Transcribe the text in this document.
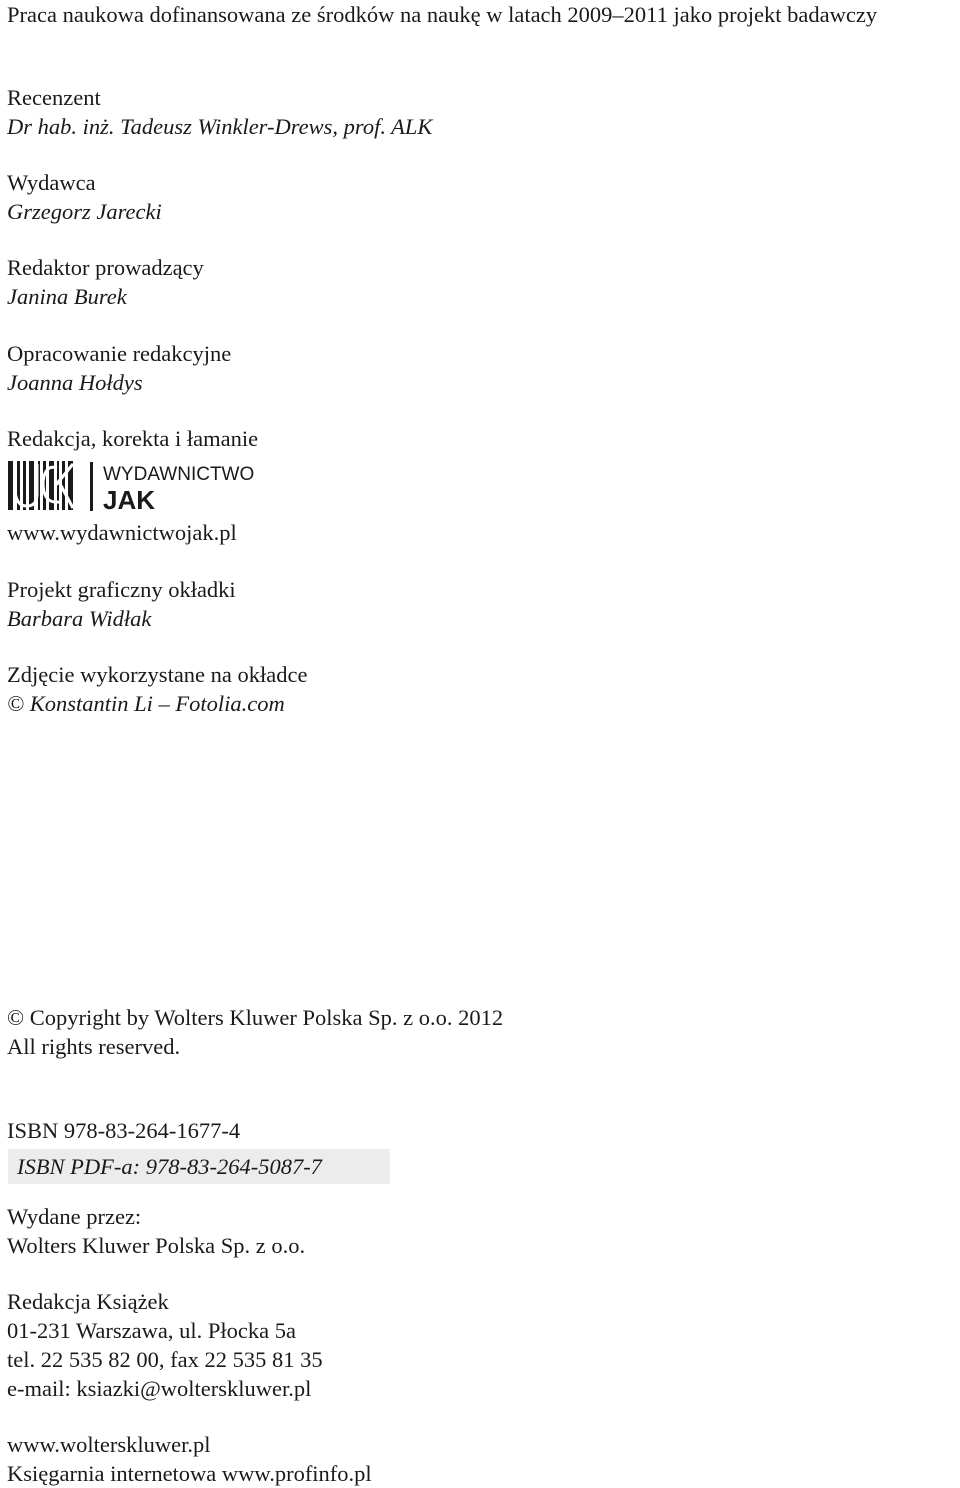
Praca naukowa dofinansowana ze środków na naukę w latach 2009–2011 jako projekt badawczy
Recenzent
Dr hab. inż. Tadeusz Winkler-Drews, prof. ALK
Wydawca
Grzegorz Jarecki
Redaktor prowadzący
Janina Burek
Opracowanie redakcyjne
Joanna Hołdys
Redakcja, korekta i łamanie
WYDAWNICTWO
JAK
www.wydawnictwojak.pl
Projekt graficzny okładki
Barbara Widłak
Zdjęcie wykorzystane na okładce
© Konstantin Li – Fotolia.com
© Copyright by Wolters Kluwer Polska Sp. z o.o. 2012
All rights reserved.
ISBN 978-83-264-1677-4
ISBN PDF-a: 978-83-264-5087-7
Wydane przez:
Wolters Kluwer Polska Sp. z o.o.
Redakcja Książek
01-231 Warszawa, ul. Płocka 5a
tel. 22 535 82 00, fax 22 535 81 35
e-mail: ksiazki@wolterskluwer.pl
www.wolterskluwer.pl
Księgarnia internetowa www.profinfo.pl
